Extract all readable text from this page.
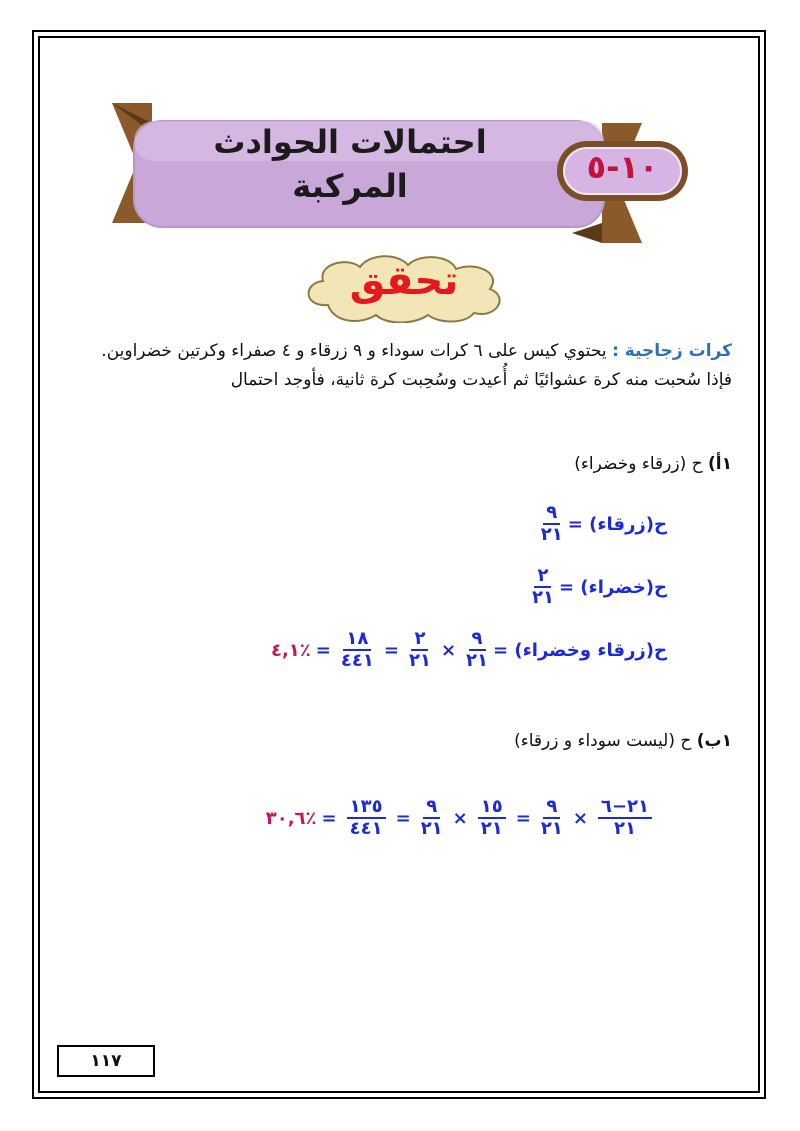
احتمالات الحوادث
المركبة	١٠-٥
تحقق
كرات زجاجية : يحتوي كيس على ٦ كرات سوداء و ٩ زرقاء و ٤ صفراء وكرتين خضراوين. فإذا سُحبت منه كرة عشوائيًا ثم أُعيدت وسُحِبت كرة ثانية، فأوجد احتمال
١أ) ح (زرقاء وخضراء)
ح(زرقاء) =
$\frac{٩}{٢١}$
ح(خضراء) =
$\frac{٢}{٢١}$
ح(زرقاء وخضراء) =
$\frac{٩}{٢١}$
×
$\frac{٢}{٢١}$
=
$\frac{١٨}{٤٤١}$
=
٪٤,١
١ب) ح (ليست سوداء و زرقاء)
$\frac{٢١-٦}{٢١}$
×
$\frac{٩}{٢١}$
=
$\frac{١٥}{٢١}$
×
$\frac{٩}{٢١}$
=
$\frac{١٣٥}{٤٤١}$
=
٪٣٠,٦
١١٧
